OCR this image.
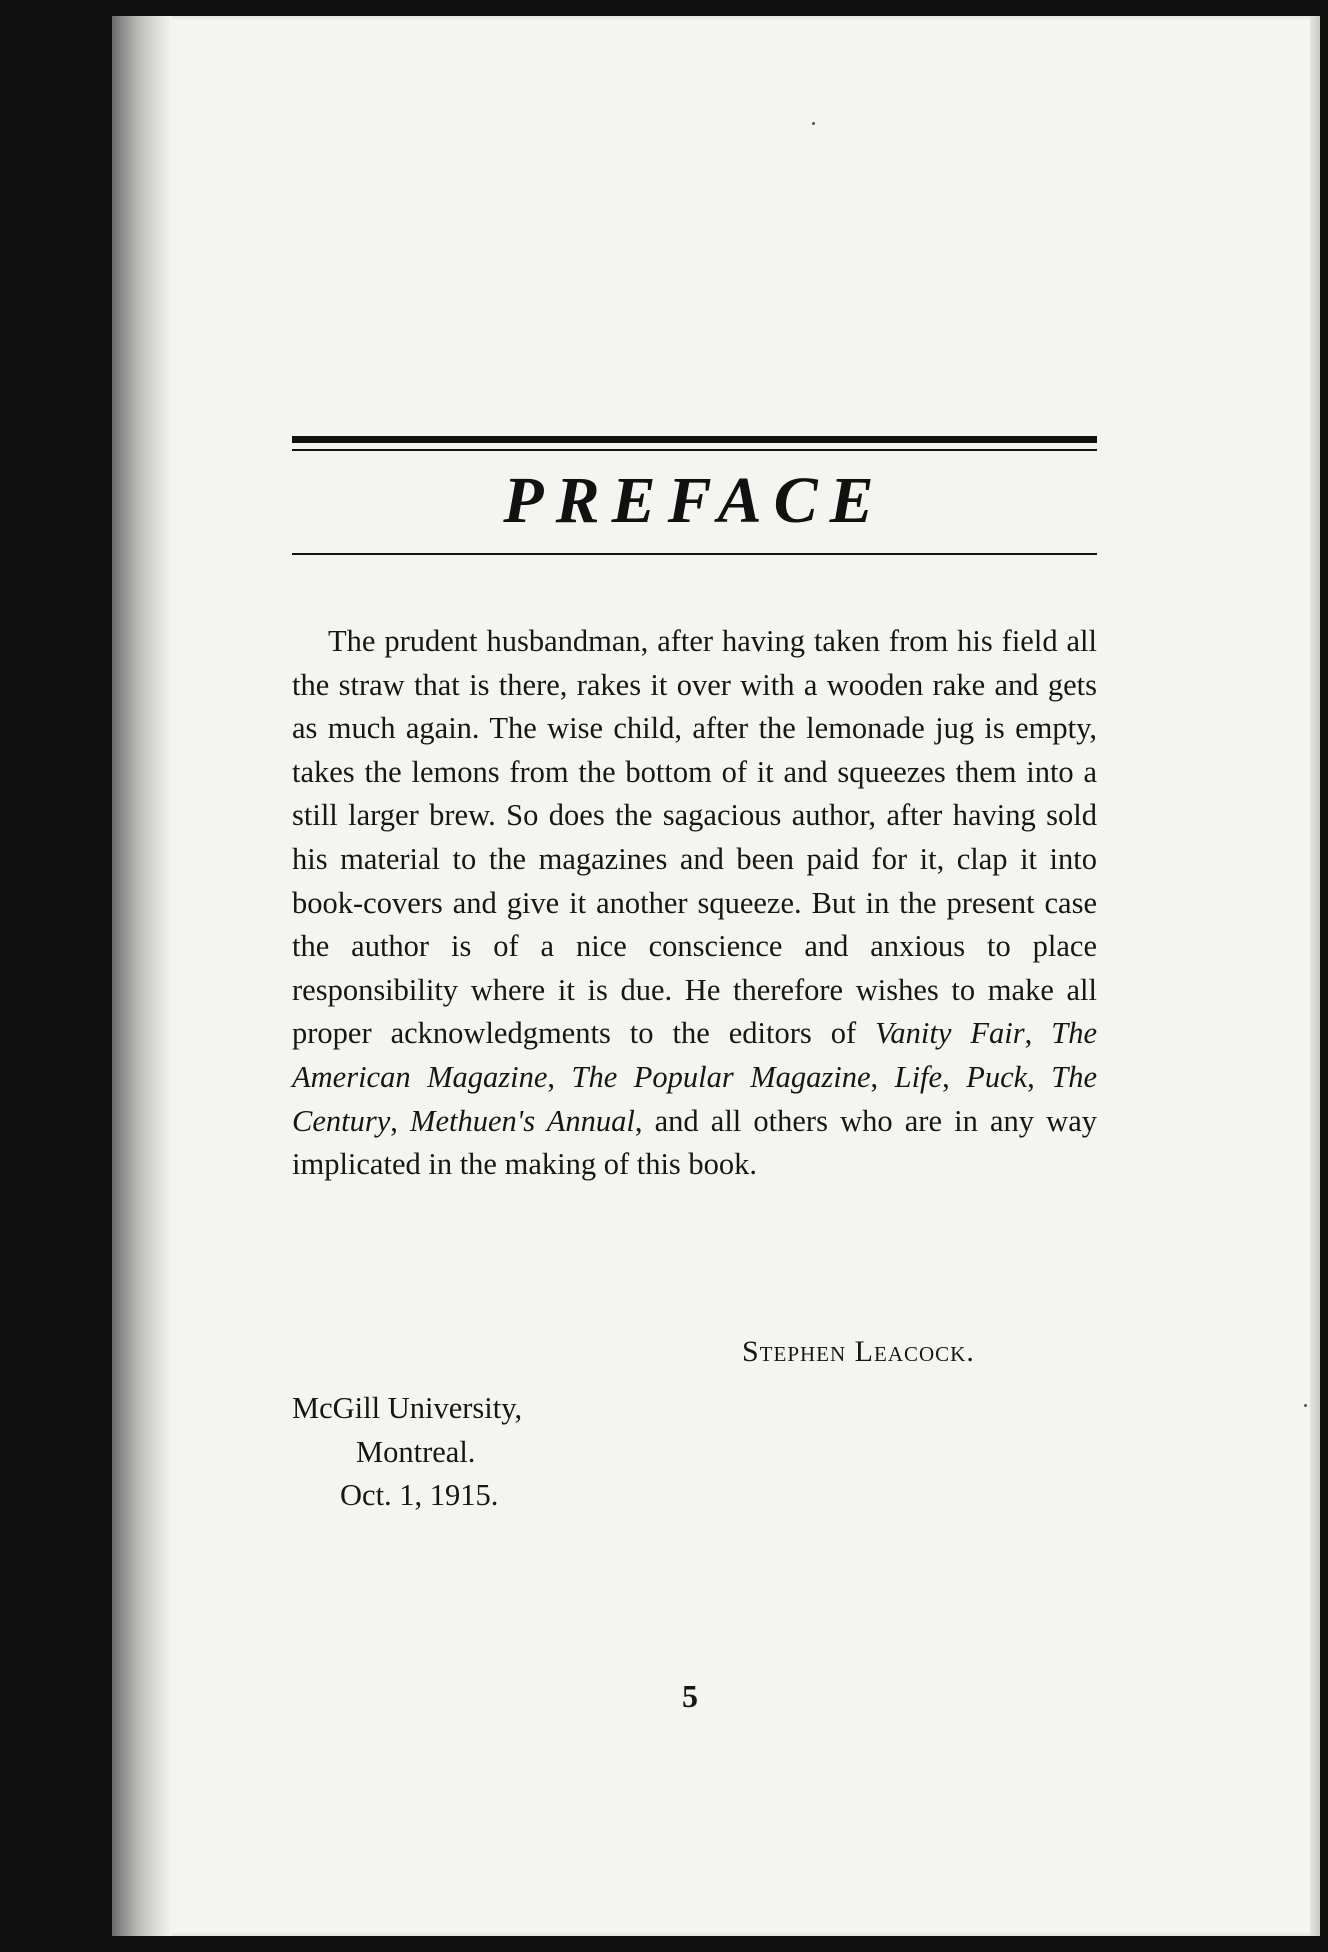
PREFACE

The prudent husbandman, after having taken from his field all the straw that is there, rakes it over with a wooden rake and gets as much again. The wise child, after the lemonade jug is empty, takes the lemons from the bottom of it and squeezes them into a still larger brew. So does the sagacious author, after having sold his material to the magazines and been paid for it, clap it into book-covers and give it another squeeze. But in the present case the author is of a nice conscience and anxious to place responsibility where it is due. He therefore wishes to make all proper acknowledgments to the editors of Vanity Fair, The American Magazine, The Popular Magazine, Life, Puck, The Century, Methuen's Annual, and all others who are in any way implicated in the making of this book.

Stephen Leacock.
McGill University,
Montreal.
Oct. 1, 1915.
5
